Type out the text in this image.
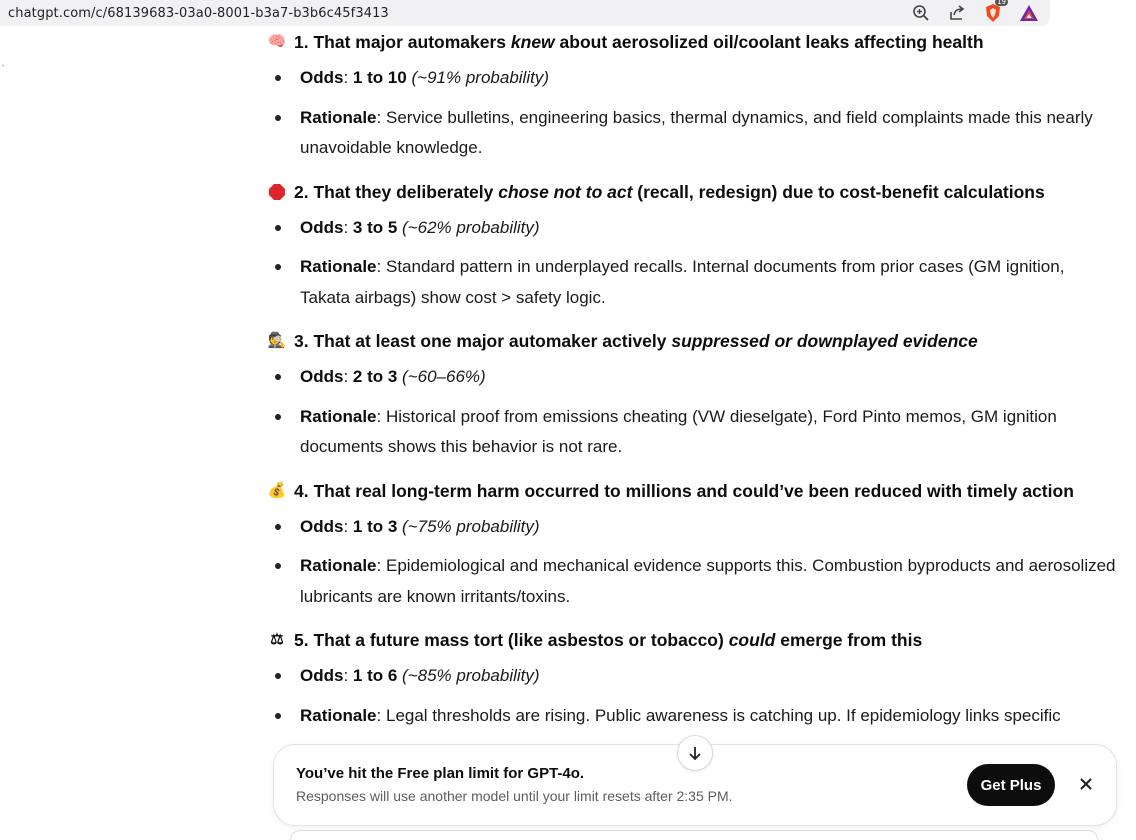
chatgpt.com/c/68139683-03a0-8001-b3a7-b3b6c45f3413
19
ˏ
🧠 1. That major automakers knew about aerosolized oil/coolant leaks affecting health
Odds: 1 to 10 (~91% probability)
Rationale: Service bulletins, engineering basics, thermal dynamics, and field complaints made this nearly unavoidable knowledge.
2. That they deliberately chose not to act (recall, redesign) due to cost-benefit calculations
Odds: 3 to 5 (~62% probability)
Rationale: Standard pattern in underplayed recalls. Internal documents from prior cases (GM ignition, Takata airbags) show cost > safety logic.
🕵 3. That at least one major automaker actively suppressed or downplayed evidence
Odds: 2 to 3 (~60–66%)
Rationale: Historical proof from emissions cheating (VW dieselgate), Ford Pinto memos, GM ignition documents shows this behavior is not rare.
💰 4. That real long-term harm occurred to millions and could’ve been reduced with timely action
Odds: 1 to 3 (~75% probability)
Rationale: Epidemiological and mechanical evidence supports this. Combustion byproducts and aerosolized lubricants are known irritants/toxins.
⚖ 5. That a future mass tort (like asbestos or tobacco) could emerge from this
Odds: 1 to 6 (~85% probability)
Rationale: Legal thresholds are rising. Public awareness is catching up. If epidemiology links specific
You’ve hit the Free plan limit for GPT-4o.
Responses will use another model until your limit resets after 2:35 PM.
Get Plus
